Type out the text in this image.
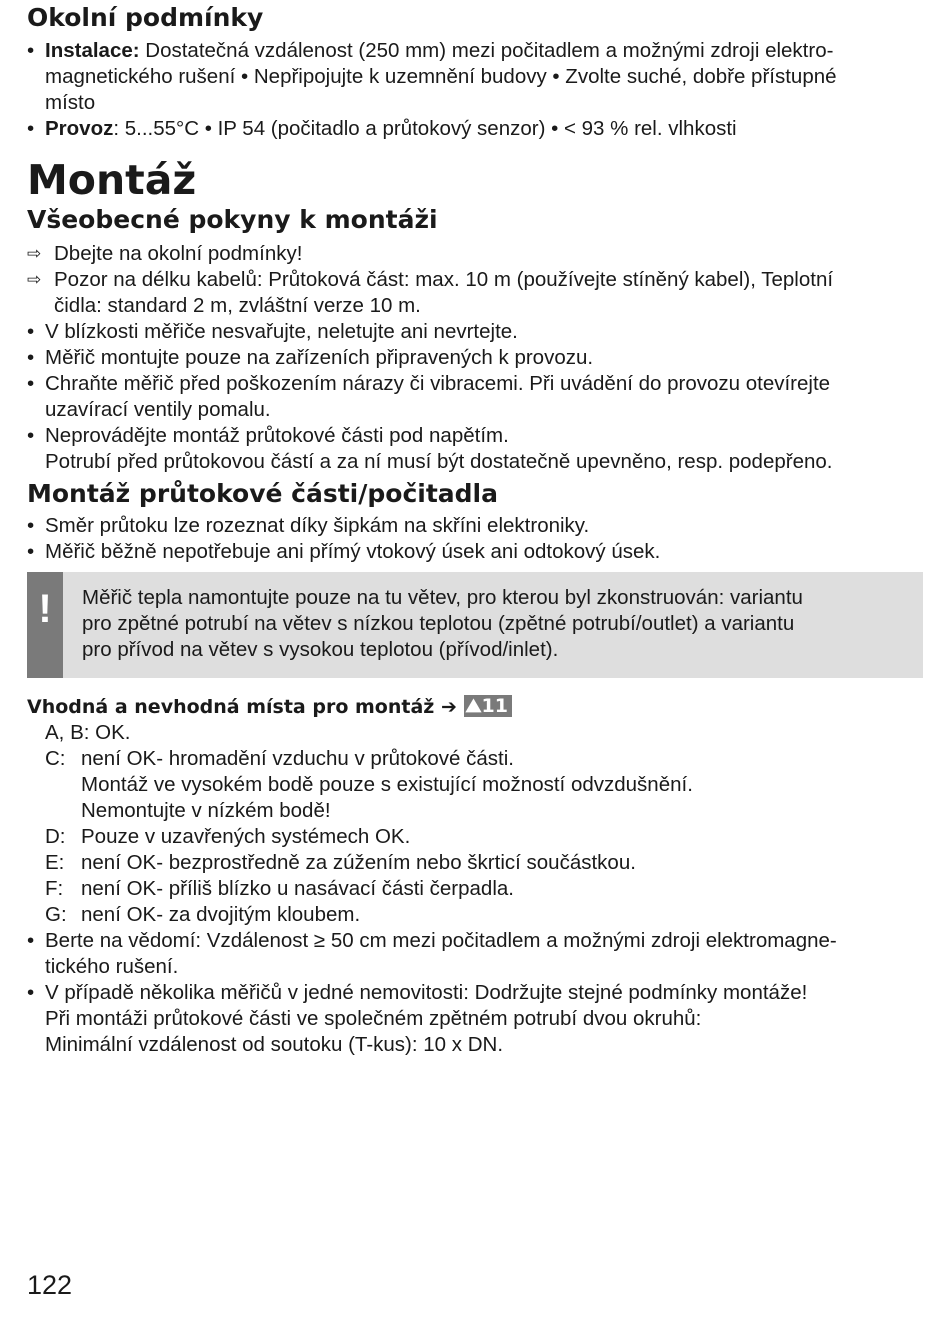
Okolní podmínky

• Instalace: Dostatečná vzdálenost (250 mm) mezi počitadlem a možnými zdroji elektro-

magnetického rušení • Nepřipojujte k uzemnění budovy • Zvolte suché, dobře přístupné

místo

• Provoz: 5...55°C • IP 54 (počitadlo a průtokový senzor) • < 93 % rel. vlhkosti

Montáž
Všeobecné pokyny k montáži

⇨ Dbejte na okolní podmínky!

⇨ Pozor na délku kabelů: Průtoková část: max. 10 m (používejte stíněný kabel), Teplotní

čidla: standard 2 m, zvláštní verze 10 m.

• V blízkosti měřiče nesvařujte, neletujte ani nevrtejte.

• Měřič montujte pouze na zařízeních připravených k provozu.

• Chraňte měřič před poškozením nárazy či vibracemi. Při uvádění do provozu otevírejte

uzavírací ventily pomalu.

• Neprovádějte montáž průtokové části pod napětím.

Potrubí před průtokovou částí a za ní musí být dostatečně upevněno, resp. podepřeno.

Montáž průtokové části/počitadla

• Směr průtoku lze rozeznat díky šipkám na skříni elektroniky.

• Měřič běžně nepotřebuje ani přímý vtokový úsek ani odtokový úsek.

!	Měřič tepla namontujte pouze na tu větev, pro kterou byl zkonstruován: variantu

pro zpětné potrubí na větev s nízkou teplotou (zpětné potrubí/outlet) a variantu

pro přívod na větev s vysokou teplotou (přívod/inlet).

Vhodná a nevhodná místa pro montáž ➔ ⛰11

A, B: OK.

C: není OK- hromadění vzduchu v průtokové části.

Montáž ve vysokém bodě pouze s existující možností odvzdušnění.

Nemontujte v nízkém bodě!

D: Pouze v uzavřených systémech OK.

E: není OK- bezprostředně za zúžením nebo škrticí součástkou.

F: není OK- příliš blízko u nasávací části čerpadla.

G: není OK- za dvojitým kloubem.

• Berte na vědomí: Vzdálenost ≥ 50 cm mezi počitadlem a možnými zdroji elektromagne-

tického rušení.

• V případě několika měřičů v jedné nemovitosti: Dodržujte stejné podmínky montáže!

Při montáži průtokové části ve společném zpětném potrubí dvou okruhů:

Minimální vzdálenost od soutoku (T-kus): 10 x DN.

122
